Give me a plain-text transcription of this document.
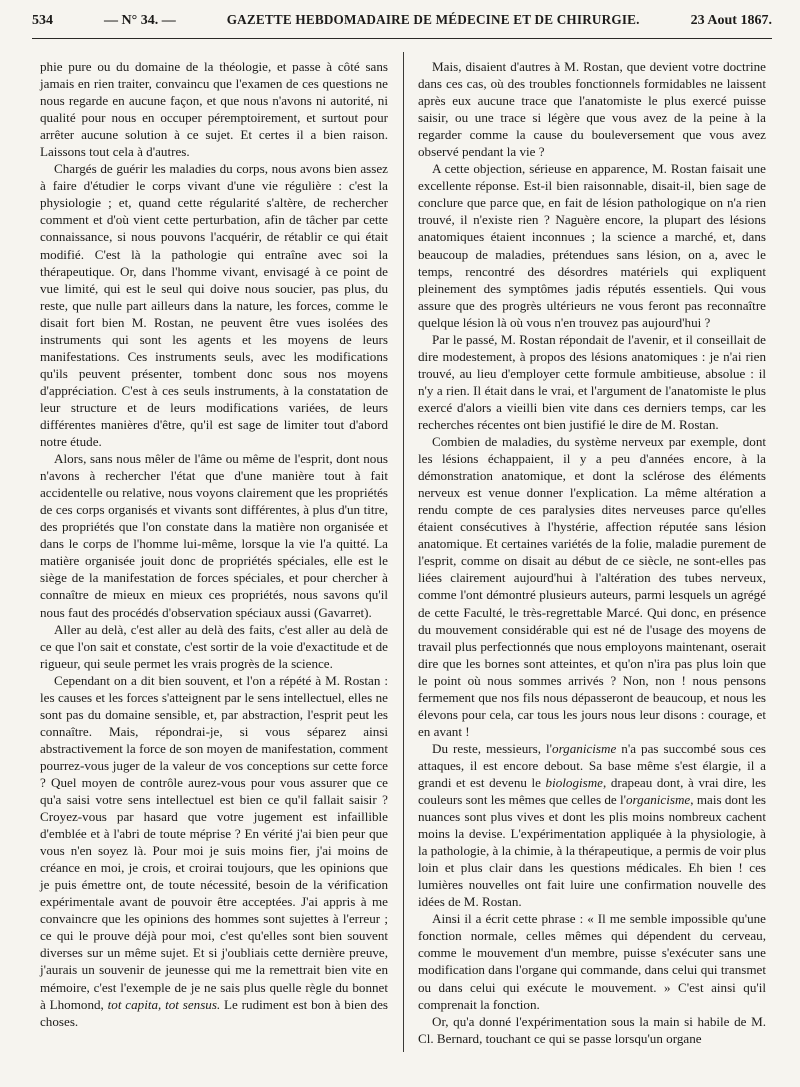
534	— N° 34. —	GAZETTE HEBDOMADAIRE DE MÉDECINE ET DE CHIRURGIE.	23 Aout 1867.

phie pure ou du domaine de la théologie, et passe à côté sans jamais en rien traiter, convaincu que l'examen de ces questions ne nous regarde en aucune façon, et que nous n'avons ni autorité, ni qualité pour nous en occuper péremptoirement, et surtout pour arrêter aucune solution à ce sujet. Et certes il a bien raison. Laissons tout cela à d'autres.

Chargés de guérir les maladies du corps, nous avons bien assez à faire d'étudier le corps vivant d'une vie régulière : c'est la physiologie ; et, quand cette régularité s'altère, de rechercher comment et d'où vient cette perturbation, afin de tâcher par cette connaissance, si nous pouvons l'acquérir, de rétablir ce qui était modifié. C'est là la pathologie qui entraîne avec soi la thérapeutique. Or, dans l'homme vivant, envisagé à ce point de vue limité, qui est le seul qui doive nous soucier, pas plus, du reste, que nulle part ailleurs dans la nature, les forces, comme le disait fort bien M. Rostan, ne peuvent être vues isolées des instruments qui sont les agents et les moyens de leurs manifestations. Ces instruments seuls, avec les modifications qu'ils peuvent présenter, tombent donc sous nos moyens d'appréciation. C'est à ces seuls instruments, à la constatation de leur structure et de leurs modifications variées, de leurs différentes manières d'être, qu'il est sage de limiter tout d'abord notre étude.

Alors, sans nous mêler de l'âme ou même de l'esprit, dont nous n'avons à rechercher l'état que d'une manière tout à fait accidentelle ou relative, nous voyons clairement que les propriétés de ces corps organisés et vivants sont différentes, à plus d'un titre, des propriétés que l'on constate dans la matière non organisée et dans le corps de l'homme lui-même, lorsque la vie l'a quitté. La matière organisée jouit donc de propriétés spéciales, elle est le siège de la manifestation de forces spéciales, et pour chercher à connaître de mieux en mieux ces propriétés, nous savons qu'il nous faut des procédés d'observation spéciaux aussi (Gavarret).

Aller au delà, c'est aller au delà des faits, c'est aller au delà de ce que l'on sait et constate, c'est sortir de la voie d'exactitude et de rigueur, qui seule permet les vrais progrès de la science.

Cependant on a dit bien souvent, et l'on a répété à M. Rostan : les causes et les forces s'atteignent par le sens intellectuel, elles ne sont pas du domaine sensible, et, par abstraction, l'esprit peut les connaître. Mais, répondrai-je, si vous séparez ainsi abstractivement la force de son moyen de manifestation, comment pourrez-vous juger de la valeur de vos conceptions sur cette force ? Quel moyen de contrôle aurez-vous pour vous assurer que ce qu'a saisi votre sens intellectuel est bien ce qu'il fallait saisir ? Croyez-vous par hasard que votre jugement est infaillible d'emblée et à l'abri de toute méprise ? En vérité j'ai bien peur que vous n'en soyez là. Pour moi je suis moins fier, j'ai moins de créance en moi, je crois, et croirai toujours, que les opinions que je puis émettre ont, de toute nécessité, besoin de la vérification expérimentale avant de pouvoir être acceptées. J'ai appris à me convaincre que les opinions des hommes sont sujettes à l'erreur ; ce qui le prouve déjà pour moi, c'est qu'elles sont bien souvent diverses sur un même sujet. Et si j'oubliais cette dernière preuve, j'aurais un souvenir de jeunesse qui me la remettrait bien vite en mémoire, c'est l'exemple de je ne sais plus quelle règle du bonnet à Lhomond, tot capita, tot sensus. Le rudiment est bon à bien des choses.

Mais, disaient d'autres à M. Rostan, que devient votre doctrine dans ces cas, où des troubles fonctionnels formidables ne laissent après eux aucune trace que l'anatomiste le plus exercé puisse saisir, ou une trace si légère que vous avez de la peine à la regarder comme la cause du bouleversement que vous avez observé pendant la vie ?

A cette objection, sérieuse en apparence, M. Rostan faisait une excellente réponse. Est-il bien raisonnable, disait-il, bien sage de conclure que parce que, en fait de lésion pathologique on n'a rien trouvé, il n'existe rien ? Naguère encore, la plupart des lésions anatomiques étaient inconnues ; la science a marché, et, dans beaucoup de maladies, prétendues sans lésion, on a, avec le temps, rencontré des désordres matériels qui expliquent pleinement des symptômes jadis réputés essentiels. Qui vous assure que des progrès ultérieurs ne vous feront pas reconnaître quelque lésion là où vous n'en trouvez pas aujourd'hui ?

Par le passé, M. Rostan répondait de l'avenir, et il conseillait de dire modestement, à propos des lésions anatomiques : je n'ai rien trouvé, au lieu d'employer cette formule ambitieuse, absolue : il n'y a rien. Il était dans le vrai, et l'argument de l'anatomiste le plus exercé d'alors a vieilli bien vite dans ces derniers temps, car les recherches récentes ont bien justifié le dire de M. Rostan.

Combien de maladies, du système nerveux par exemple, dont les lésions échappaient, il y a peu d'années encore, à la démonstration anatomique, et dont la sclérose des éléments nerveux est venue donner l'explication. La même altération a rendu compte de ces paralysies dites nerveuses parce qu'elles étaient consécutives à l'hystérie, affection réputée sans lésion anatomique. Et certaines variétés de la folie, maladie purement de l'esprit, comme on disait au début de ce siècle, ne sont-elles pas liées clairement aujourd'hui à l'altération des tubes nerveux, comme l'ont démontré plusieurs auteurs, parmi lesquels un agrégé de cette Faculté, le très-regrettable Marcé. Qui donc, en présence du mouvement considérable qui est né de l'usage des moyens de travail plus perfectionnés que nous employons maintenant, oserait dire que les bornes sont atteintes, et qu'on n'ira pas plus loin que le point où nous sommes arrivés ? Non, non ! nous pensons fermement que nos fils nous dépasseront de beaucoup, et nous les élevons pour cela, car tous les jours nous leur disons : courage, et en avant !

Du reste, messieurs, l'organicisme n'a pas succombé sous ces attaques, il est encore debout. Sa base même s'est élargie, il a grandi et est devenu le biologisme, drapeau dont, à vrai dire, les couleurs sont les mêmes que celles de l'organicisme, mais dont les nuances sont plus vives et dont les plis moins nombreux cachent moins la devise. L'expérimentation appliquée à la physiologie, à la pathologie, à la chimie, à la thérapeutique, a permis de voir plus loin et plus clair dans les questions médicales. Eh bien ! ces lumières nouvelles ont fait luire une confirmation nouvelle des idées de M. Rostan.

Ainsi il a écrit cette phrase : « Il me semble impossible qu'une fonction normale, celles mêmes qui dépendent du cerveau, comme le mouvement d'un membre, puisse s'exécuter sans une modification dans l'organe qui commande, dans celui qui transmet ou dans celui qui exécute le mouvement. » C'est ainsi qu'il comprenait la fonction.

Or, qu'a donné l'expérimentation sous la main si habile de M. Cl. Bernard, touchant ce qui se passe lorsqu'un organe
